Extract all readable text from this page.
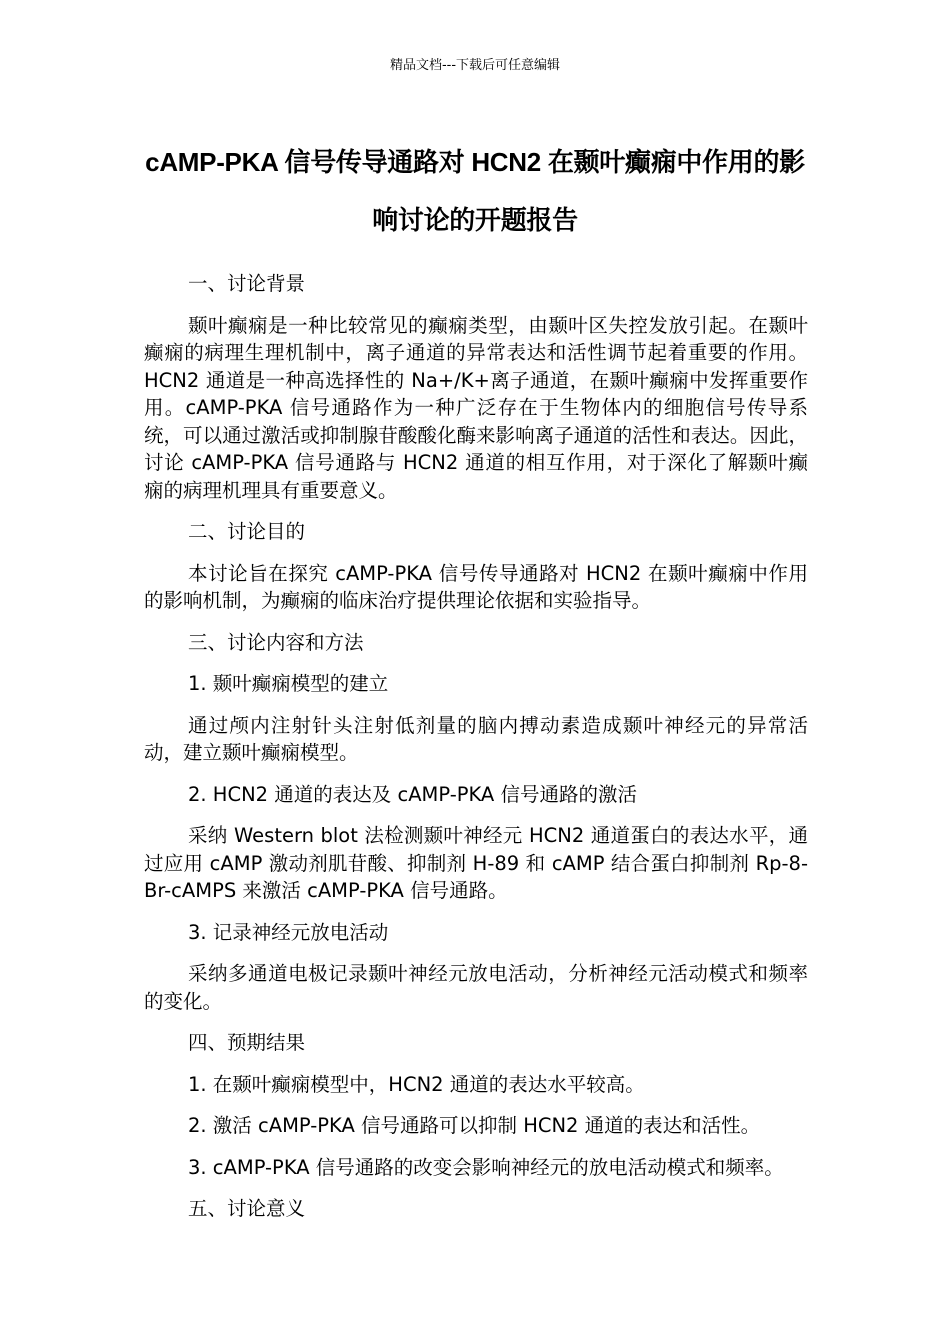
精品文档---下载后可任意编辑
cAMP-PKA 信号传导通路对 HCN2 在颞叶癫痫中作用的影响讨论的开题报告

一、讨论背景

颞叶癫痫是一种比较常见的癫痫类型，由颞叶区失控发放引起。在颞叶癫痫的病理生理机制中，离子通道的异常表达和活性调节起着重要的作用。HCN2 通道是一种高选择性的 Na+/K+离子通道，在颞叶癫痫中发挥重要作用。cAMP-PKA 信号通路作为一种广泛存在于生物体内的细胞信号传导系统，可以通过激活或抑制腺苷酸酸化酶来影响离子通道的活性和表达。因此，讨论 cAMP-PKA 信号通路与 HCN2 通道的相互作用，对于深化了解颞叶癫痫的病理机理具有重要意义。

二、讨论目的

本讨论旨在探究 cAMP-PKA 信号传导通路对 HCN2 在颞叶癫痫中作用的影响机制，为癫痫的临床治疗提供理论依据和实验指导。

三、讨论内容和方法

1. 颞叶癫痫模型的建立

通过颅内注射针头注射低剂量的脑内搏动素造成颞叶神经元的异常活动，建立颞叶癫痫模型。

2. HCN2 通道的表达及 cAMP-PKA 信号通路的激活

采纳 Western blot 法检测颞叶神经元 HCN2 通道蛋白的表达水平，通过应用 cAMP 激动剂肌苷酸、抑制剂 H-89 和 cAMP 结合蛋白抑制剂 Rp-8-Br-cAMPS 来激活 cAMP-PKA 信号通路。

3. 记录神经元放电活动

采纳多通道电极记录颞叶神经元放电活动，分析神经元活动模式和频率的变化。

四、预期结果

1. 在颞叶癫痫模型中，HCN2 通道的表达水平较高。

2. 激活 cAMP-PKA 信号通路可以抑制 HCN2 通道的表达和活性。

3. cAMP-PKA 信号通路的改变会影响神经元的放电活动模式和频率。

五、讨论意义
